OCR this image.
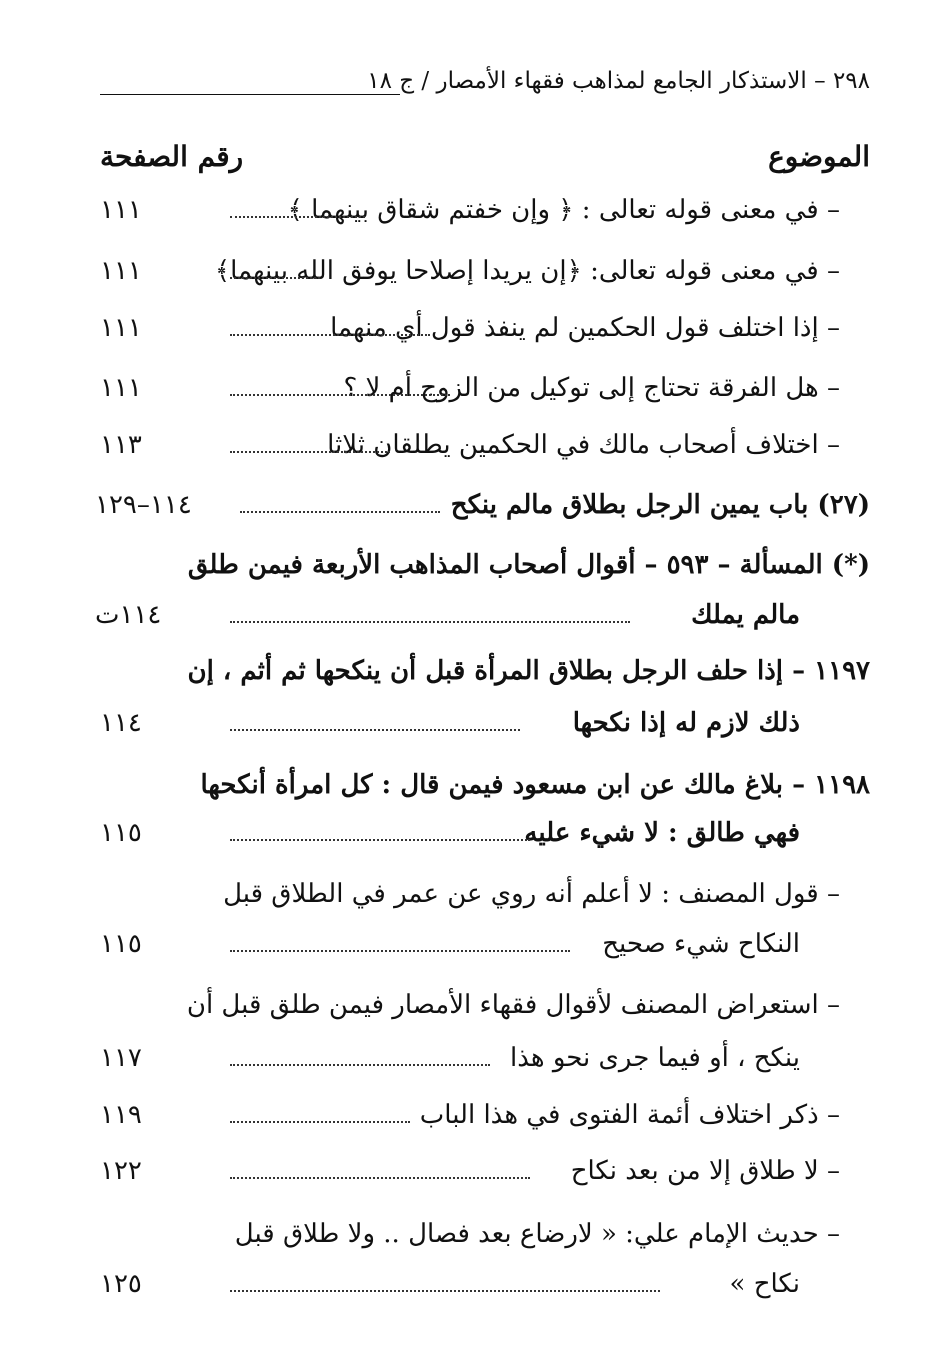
٢٩٨ – الاستذكار الجامع لمذاهب فقهاء الأمصار / ج ١٨
الموضوع
رقم الصفحة
– في معنى قوله تعالى : ﴿ وإن خفتم شقاق بينهما ﴾
١١١
– في معنى قوله تعالى: ﴿إن يريدا إصلاحا يوفق الله بينهما﴾
١١١
– إذا اختلف قول الحكمين لم ينفذ قول أي منهما
١١١
– هل الفرقة تحتاج إلى توكيل من الزوج أم لا ؟
١١١
– اختلاف أصحاب مالك في الحكمين يطلقان ثلاثا
١١٣
(٢٧) باب يمين الرجل بطلاق مالم ينكح
١١٤–١٢٩
(*) المسألة – ٥٩٣ – أقوال أصحاب المذاهب الأربعة فيمن طلق
مالم يملك
١١٤ت
١١٩٧ – إذا حلف الرجل بطلاق المرأة قبل أن ينكحها ثم أثم ، إن
ذلك لازم له إذا نكحها
١١٤
١١٩٨ – بلاغ مالك عن ابن مسعود فيمن قال : كل امرأة أنكحها
فهي طالق : لا شيء عليه
١١٥
– قول المصنف : لا أعلم أنه روي عن عمر في الطلاق قبل
النكاح شيء صحيح
١١٥
– استعراض المصنف لأقوال فقهاء الأمصار فيمن طلق قبل أن
ينكح ، أو فيما جرى نحو هذا
١١٧
– ذكر اختلاف أئمة الفتوى في هذا الباب
١١٩
– لا طلاق إلا من بعد نكاح
١٢٢
– حديث الإمام علي: « لارضاع بعد فصال .. ولا طلاق قبل
نكاح »
١٢٥
